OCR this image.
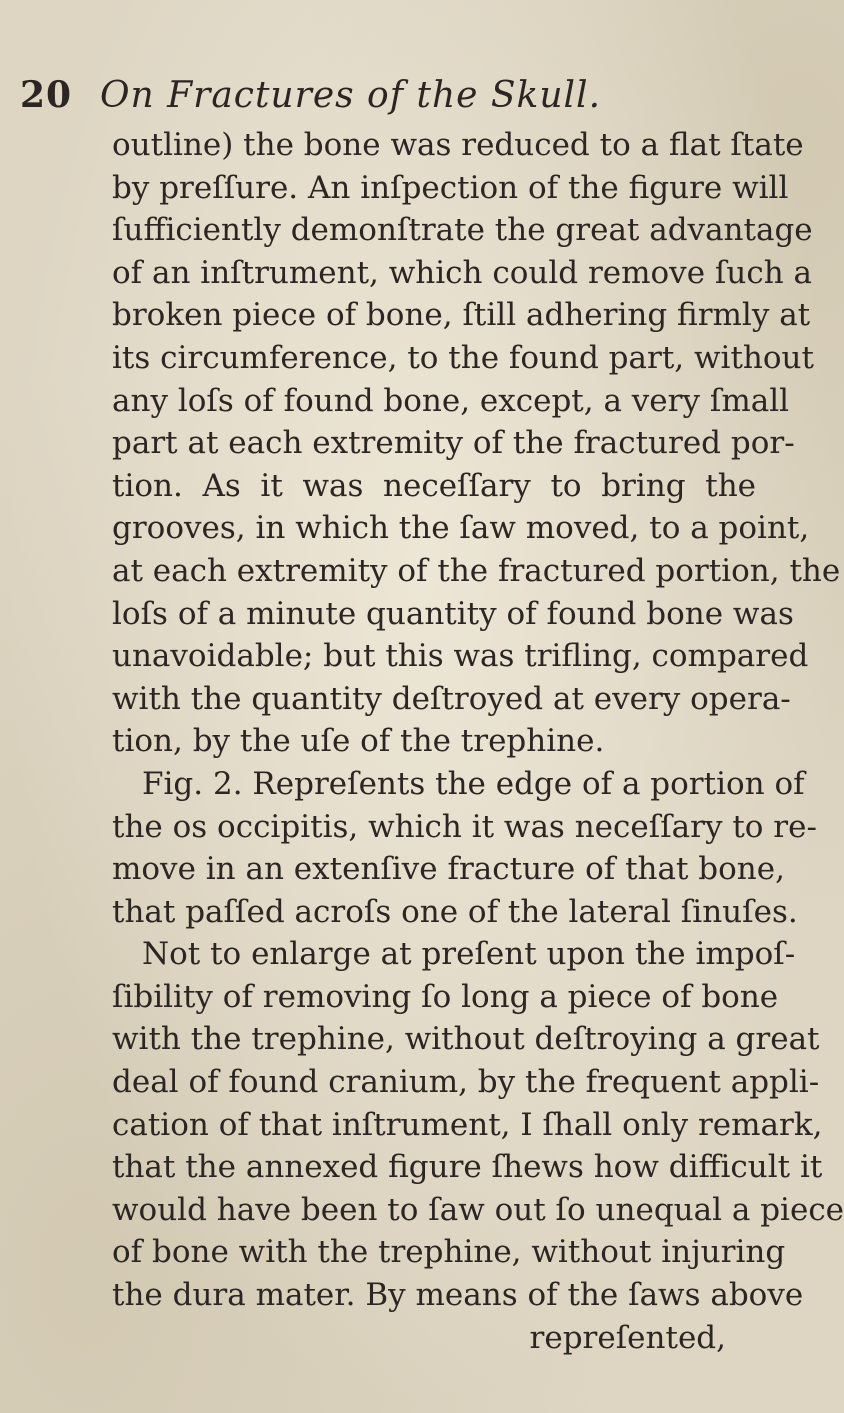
20 On Fractures of the Skull.
outline) the bone was reduced to a flat ſtate
by preſſure. An inſpection of the figure will
ſufficiently demonſtrate the great advantage
of an inſtrument, which could remove ſuch a
broken piece of bone, ſtill adhering firmly at
its circumference, to the found part, without
any loſs of found bone, except, a very ſmall
part at each extremity of the fractured por-
tion. As it was neceſſary to bring the
grooves, in which the ſaw moved, to a point,
at each extremity of the fractured portion, the
loſs of a minute quantity of found bone was
unavoidable; but this was trifling, compared
with the quantity deſtroyed at every opera-
tion, by the uſe of the trephine.
Fig. 2. Repreſents the edge of a portion of
the os occipitis, which it was neceſſary to re-
move in an extenſive fracture of that bone,
that paſſed acroſs one of the lateral ſinuſes.
Not to enlarge at preſent upon the impoſ-
ſibility of removing ſo long a piece of bone
with the trephine, without deſtroying a great
deal of found cranium, by the frequent appli-
cation of that inſtrument, I ſhall only remark,
that the annexed figure ſhews how difficult it
would have been to ſaw out ſo unequal a piece
of bone with the trephine, without injuring
the dura mater. By means of the ſaws above
repreſented,
